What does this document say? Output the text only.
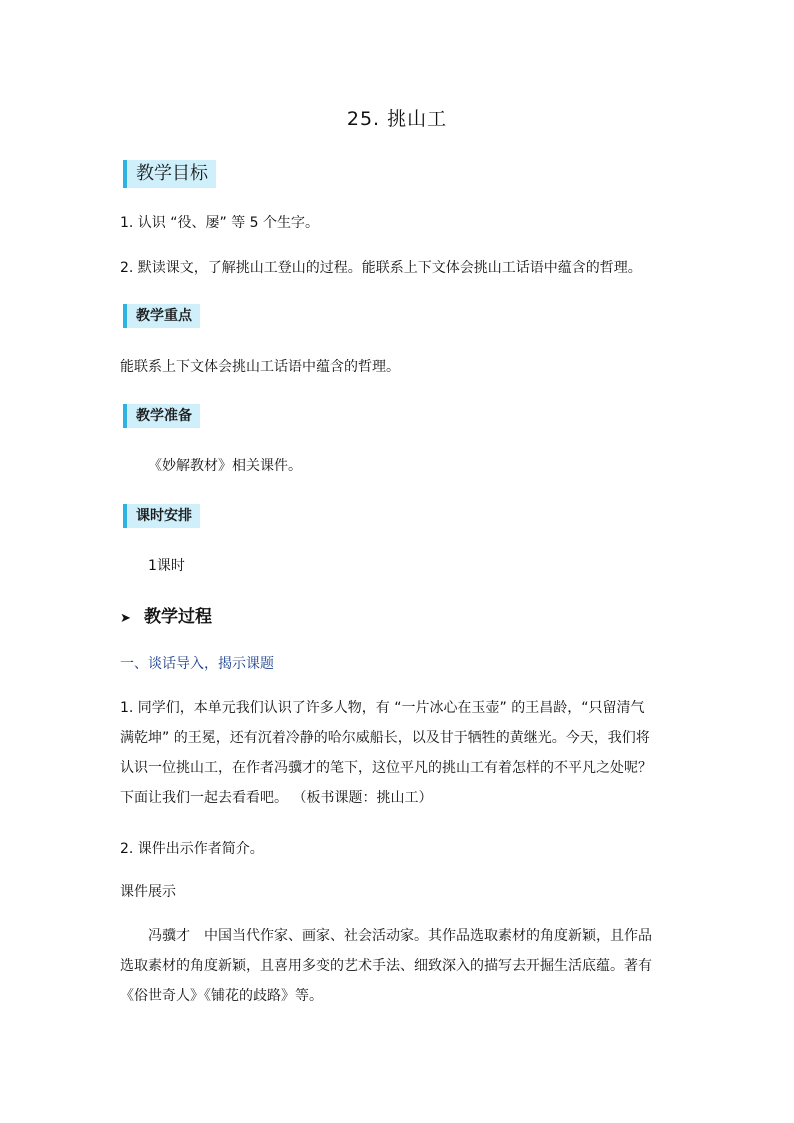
25. 挑山工
教学目标
1. 认识 “役、屡” 等 5 个生字。
2. 默读课文，了解挑山工登山的过程。能联系上下文体会挑山工话语中蕴含的哲理。
教学重点
能联系上下文体会挑山工话语中蕴含的哲理。
教学准备
《妙解教材》相关课件。
课时安排
1课时
➤ 教学过程
一、谈话导入，揭示课题
1. 同学们，本单元我们认识了许多人物，有 “一片冰心在玉壶” 的王昌龄，“只留清气
满乾坤” 的王冕，还有沉着冷静的哈尔威船长，以及甘于牺牲的黄继光。今天，我们将
认识一位挑山工，在作者冯骥才的笔下，这位平凡的挑山工有着怎样的不平凡之处呢？
下面让我们一起去看看吧。 （板书课题：挑山工）
2. 课件出示作者简介。
课件展示
冯骥才　中国当代作家、画家、社会活动家。其作品选取素材的角度新颖，且作品
选取素材的角度新颖，且喜用多变的艺术手法、细致深入的描写去开掘生活底蕴。著有
《俗世奇人》《铺花的歧路》等。
